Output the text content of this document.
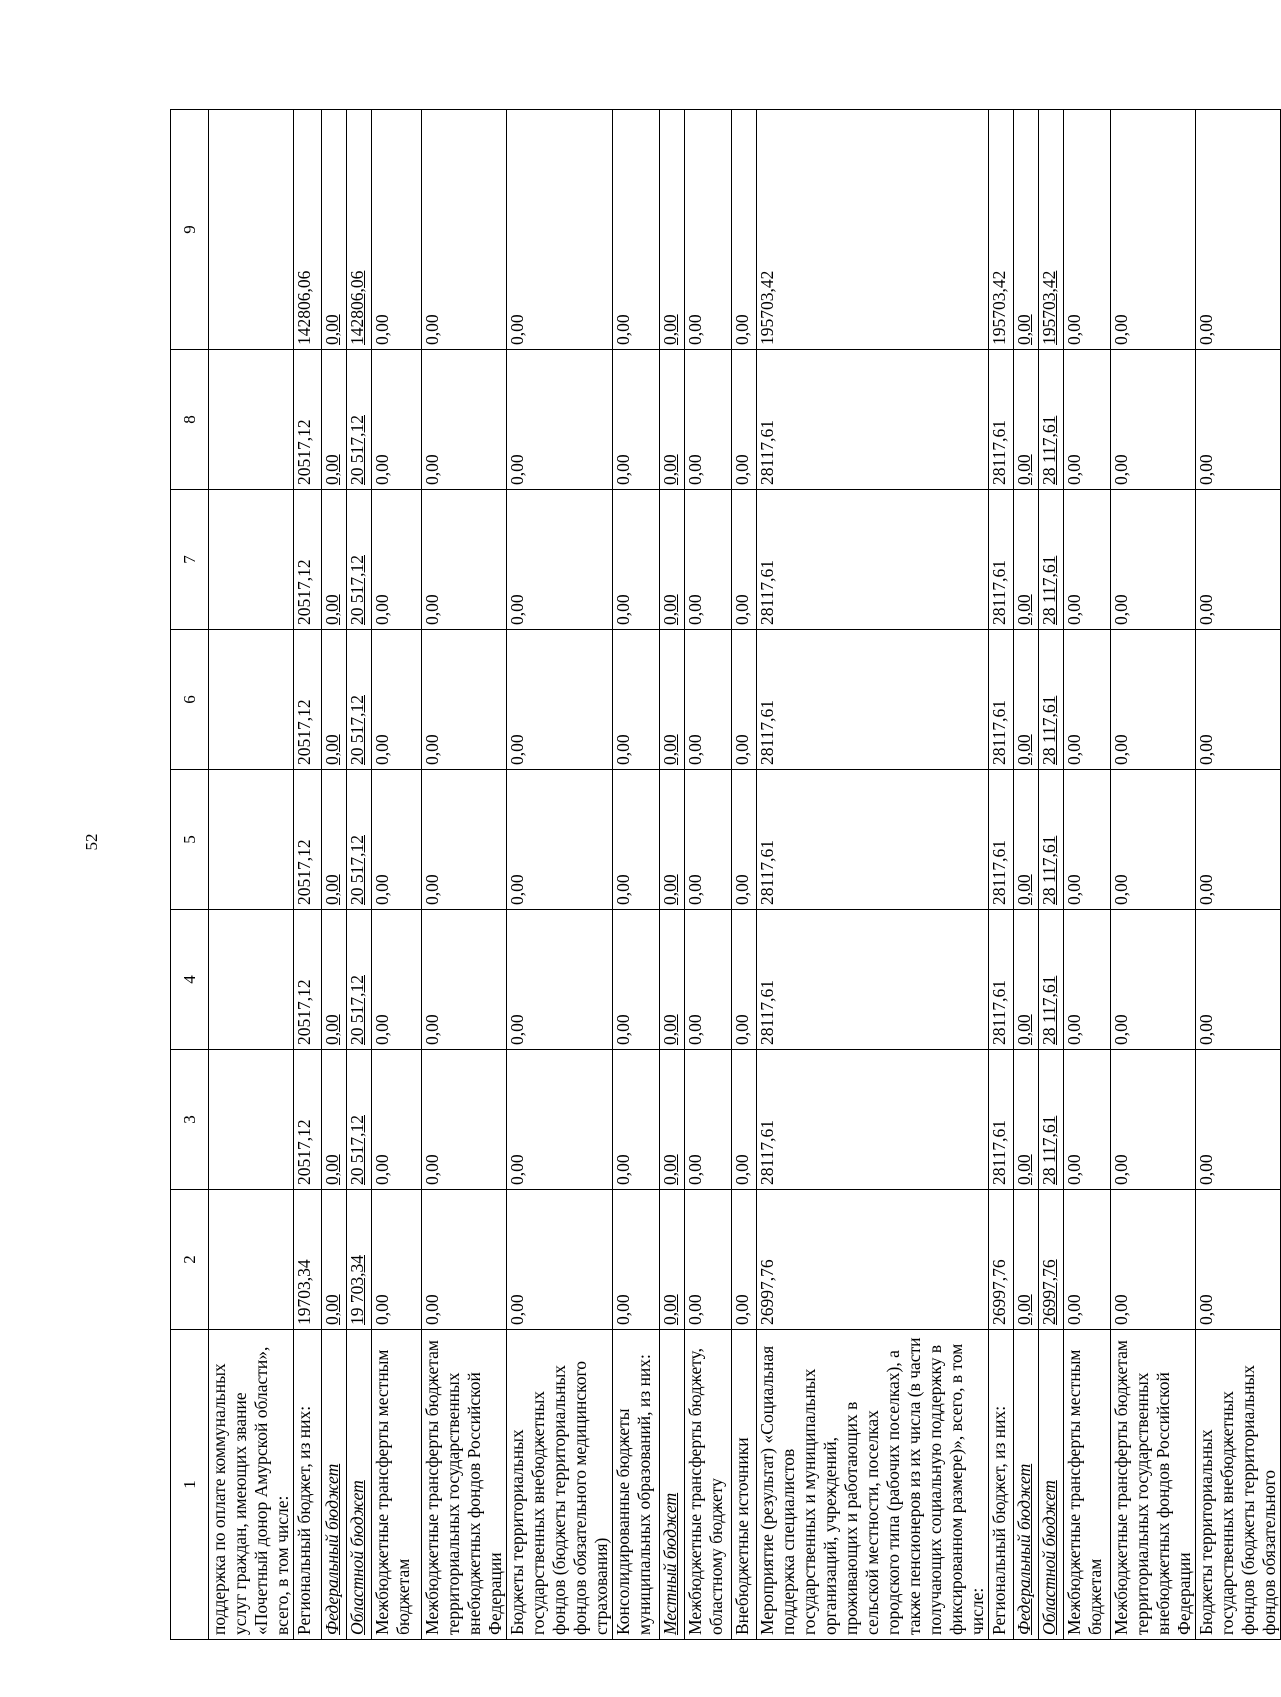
52
1	2	3	4	5	6	7	8	9
поддержка по оплате коммунальных услуг граждан, имеющих звание «Почетный донор Амурской области», всего, в том числе:								
Региональный бюджет, из них:	19703,34	20517,12	20517,12	20517,12	20517,12	20517,12	20517,12	142806,06
Федеральный бюджет	0,00	0,00	0,00	0,00	0,00	0,00	0,00	0,00
Областной бюджет	19 703,34	20 517,12	20 517,12	20 517,12	20 517,12	20 517,12	20 517,12	142806,06
Межбюджетные трансферты местным бюджетам	0,00	0,00	0,00	0,00	0,00	0,00	0,00	0,00
Межбюджетные трансферты бюджетам территориальных государственных внебюджетных фондов Российской Федерации	0,00	0,00	0,00	0,00	0,00	0,00	0,00	0,00
Бюджеты территориальных государственных внебюджетных фондов (бюджеты территориальных фондов обязательного медицинского страхования)	0,00	0,00	0,00	0,00	0,00	0,00	0,00	0,00
Консолидированные бюджеты муниципальных образований, из них:	0,00	0,00	0,00	0,00	0,00	0,00	0,00	0,00
Местный бюджет	0,00	0,00	0,00	0,00	0,00	0,00	0,00	0,00
Межбюджетные трансферты бюджету, областному бюджету	0,00	0,00	0,00	0,00	0,00	0,00	0,00	0,00
Внебюджетные источники	0,00	0,00	0,00	0,00	0,00	0,00	0,00	0,00
Мероприятие (результат) «Социальная поддержка специалистов государственных и муниципальных организаций, учреждений, проживающих и работающих в сельской местности, поселках городского типа (рабочих поселках), а также пенсионеров из их числа (в части получающих социальную поддержку в фиксированном размере)», всего, в том числе:	26997,76	28117,61	28117,61	28117,61	28117,61	28117,61	28117,61	195703,42
Региональный бюджет, из них:	26997,76	28117,61	28117,61	28117,61	28117,61	28117,61	28117,61	195703,42
Федеральный бюджет	0,00	0,00	0,00	0,00	0,00	0,00	0,00	0,00
Областной бюджет	26997,76	28 117,61	28 117,61	28 117,61	28 117,61	28 117,61	28 117,61	195703,42
Межбюджетные трансферты местным бюджетам	0,00	0,00	0,00	0,00	0,00	0,00	0,00	0,00
Межбюджетные трансферты бюджетам территориальных государственных внебюджетных фондов Российской Федерации	0,00	0,00	0,00	0,00	0,00	0,00	0,00	0,00
Бюджеты территориальных государственных внебюджетных фондов (бюджеты территориальных фондов обязательного	0,00	0,00	0,00	0,00	0,00	0,00	0,00	0,00
